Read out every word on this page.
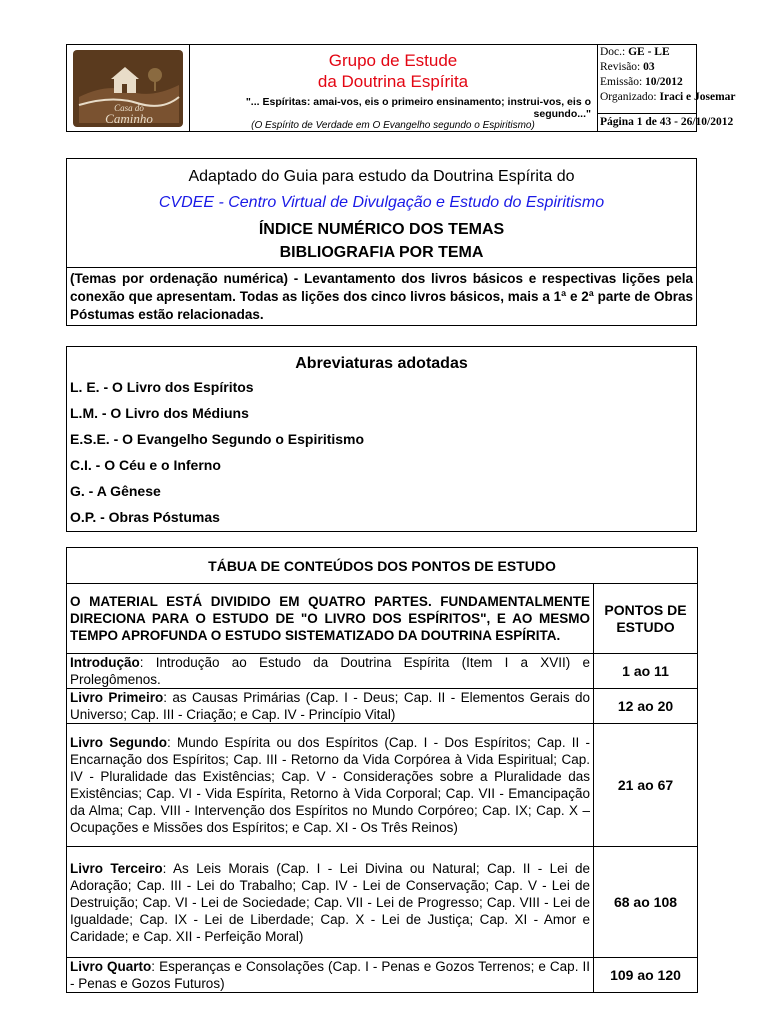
Casa do
Caminho
Grupo de Estude
da Doutrina Espírita
"... Espíritas: amai-vos, eis o primeiro ensinamento; instrui-vos, eis o segundo..."
(O Espírito de Verdade em O Evangelho segundo o Espiritismo)
Doc.: GE - LE
Revisão: 03
Emissão: 10/2012
Organizado: Iraci e Josemar
Página 1 de 43 - 26/10/2012
Adaptado do Guia para estudo da Doutrina Espírita do
CVDEE - Centro Virtual de Divulgação e Estudo do Espiritismo
ÍNDICE NUMÉRICO DOS TEMAS
BIBLIOGRAFIA POR TEMA
(Temas por ordenação numérica) - Levantamento dos livros básicos e respectivas lições pela conexão que apresentam. Todas as lições dos cinco livros básicos, mais a 1ª e 2ª parte de Obras Póstumas estão relacionadas.
Abreviaturas adotadas
L. E. - O Livro dos Espíritos
L.M. - O Livro dos Médiuns
E.S.E. - O Evangelho Segundo o Espiritismo
C.I. - O Céu e o Inferno
G. - A Gênese
O.P. - Obras Póstumas
TÁBUA DE CONTEÚDOS DOS PONTOS DE ESTUDO	
O MATERIAL ESTÁ DIVIDIDO EM QUATRO PARTES. FUNDAMENTALMENTE DIRECIONA PARA O ESTUDO DE "O LIVRO DOS ESPÍRITOS", E AO MESMO TEMPO APROFUNDA O ESTUDO SISTEMATIZADO DA DOUTRINA ESPÍRITA.	PONTOS DE ESTUDO
Introdução: Introdução ao Estudo da Doutrina Espírita (Item I a XVII) e Prolegômenos.	1 ao 11
Livro Primeiro: as Causas Primárias (Cap. I - Deus; Cap. II - Elementos Gerais do Universo; Cap. III - Criação; e Cap. IV - Princípio Vital)	12 ao 20
Livro Segundo: Mundo Espírita ou dos Espíritos (Cap. I - Dos Espíritos; Cap. II - Encarnação dos Espíritos; Cap. III - Retorno da Vida Corpórea à Vida Espiritual; Cap. IV - Pluralidade das Existências; Cap. V - Considerações sobre a Pluralidade das Existências; Cap. VI - Vida Espírita, Retorno à Vida Corporal; Cap. VII - Emancipação da Alma; Cap. VIII - Intervenção dos Espíritos no Mundo Corpóreo; Cap. IX; Cap. X – Ocupações e Missões dos Espíritos; e Cap. XI - Os Três Reinos)	21 ao 67
Livro Terceiro: As Leis Morais (Cap. I - Lei Divina ou Natural; Cap. II - Lei de Adoração; Cap. III - Lei do Trabalho; Cap. IV - Lei de Conservação; Cap. V - Lei de Destruição; Cap. VI - Lei de Sociedade; Cap. VII - Lei de Progresso; Cap. VIII - Lei de Igualdade; Cap. IX - Lei de Liberdade; Cap. X - Lei de Justiça; Cap. XI - Amor e Caridade; e Cap. XII - Perfeição Moral)	68 ao 108
Livro Quarto: Esperanças e Consolações (Cap. I - Penas e Gozos Terrenos; e Cap. II - Penas e Gozos Futuros)	109 ao 120
